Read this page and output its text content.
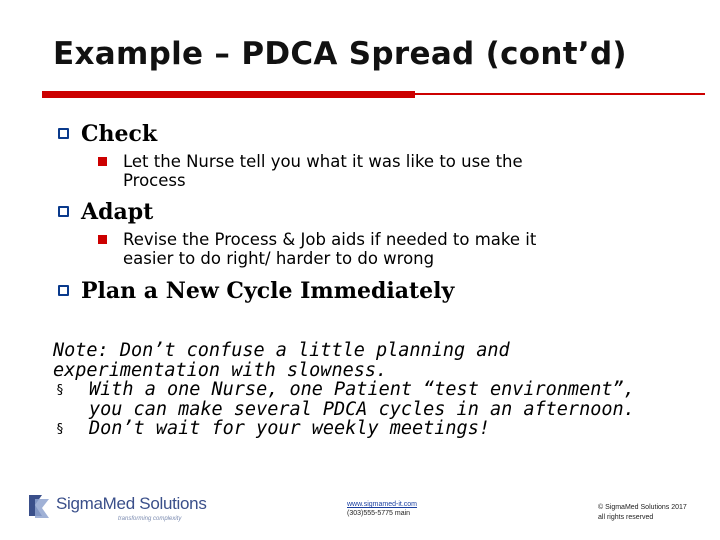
Example – PDCA Spread (cont’d)
Check
Let the Nurse tell you what it was like to use the
Process
Adapt
Revise the Process & Job aids if needed to make it
easier to do right/ harder to do wrong
Plan a New Cycle Immediately
Note: Don’t confuse a little planning and
experimentation with slowness.
§ With a one Nurse, one Patient “test environment”,
you can make several PDCA cycles in an afternoon.
§ Don’t wait for your weekly meetings!
SigmaMed Solutions
transforming complexity
www.sigmamed-it.com
(303)555-5775 main
© SigmaMed Solutions 2017
all rights reserved
